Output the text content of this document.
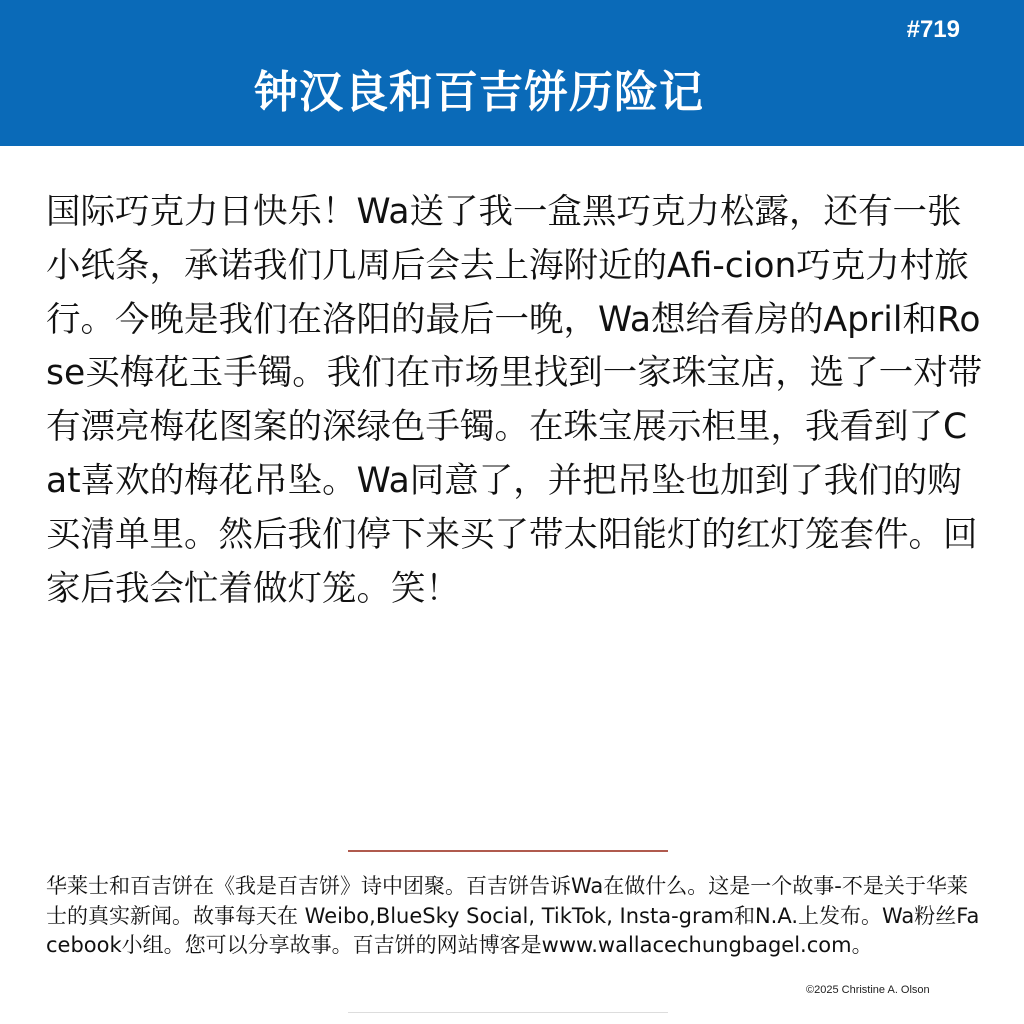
#719
钟汉良和百吉饼历险记

国际巧克力日快乐！Wa送了我一盒黑巧克力松露，还有一张小纸条，承诺我们几周后会去上海附近的Afi-cion巧克力村旅行。今晚是我们在洛阳的最后一晚，Wa想给看房的April和Rose买梅花玉手镯。我们在市场里找到一家珠宝店，选了一对带有漂亮梅花图案的深绿色手镯。在珠宝展示柜里，我看到了Cat喜欢的梅花吊坠。Wa同意了，并把吊坠也加到了我们的购买清单里。然后我们停下来买了带太阳能灯的红灯笼套件。回家后我会忙着做灯笼。笑！

华莱士和百吉饼在《我是百吉饼》诗中团聚。百吉饼告诉Wa在做什么。这是一个故事-不是关于华莱士的真实新闻。故事每天在 Weibo,BlueSky Social, TikTok, Insta-gram和N.A.上发布。Wa粉丝Facebook小组。您可以分享故事。百吉饼的网站博客是www.wallacechungbagel.com。

©2025 Christine A. Olson
